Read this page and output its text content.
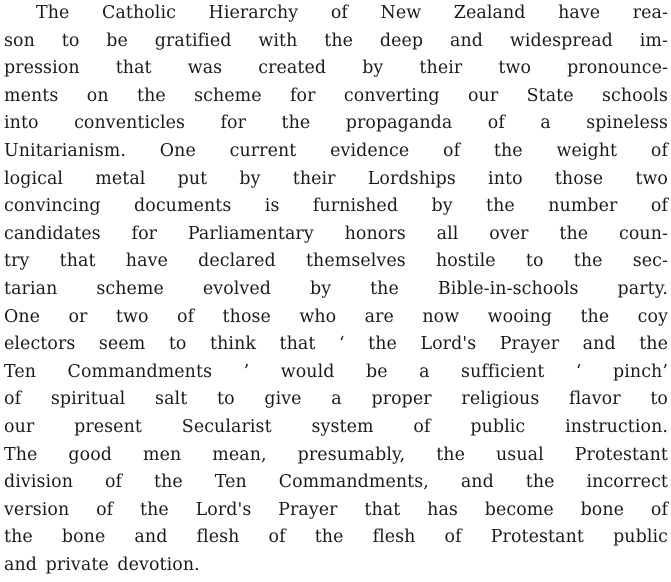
The Catholic Hierarchy of New Zealand have rea-
son to be gratified with the deep and widespread im-
pression that was created by their two pronounce-
ments on the scheme for converting our State schools
into conventicles for the propaganda of a spineless
Unitarianism. One current evidence of the weight of
logical metal put by their Lordships into those two
convincing documents is furnished by the number of
candidates for Parliamentary honors all over the coun-
try that have declared themselves hostile to the sec-
tarian scheme evolved by the Bible-in-schools party.
One or two of those who are now wooing the coy
electors seem to think that ‘ the Lord's Prayer and the
Ten Commandments ’ would be a sufficient ‘ pinch’
of spiritual salt to give a proper religious flavor to
our present Secularist system of public instruction.
The good men mean, presumably, the usual Protestant
division of the Ten Commandments, and the incorrect
version of the Lord's Prayer that has become bone of
the bone and flesh of the flesh of Protestant public
and private devotion.
